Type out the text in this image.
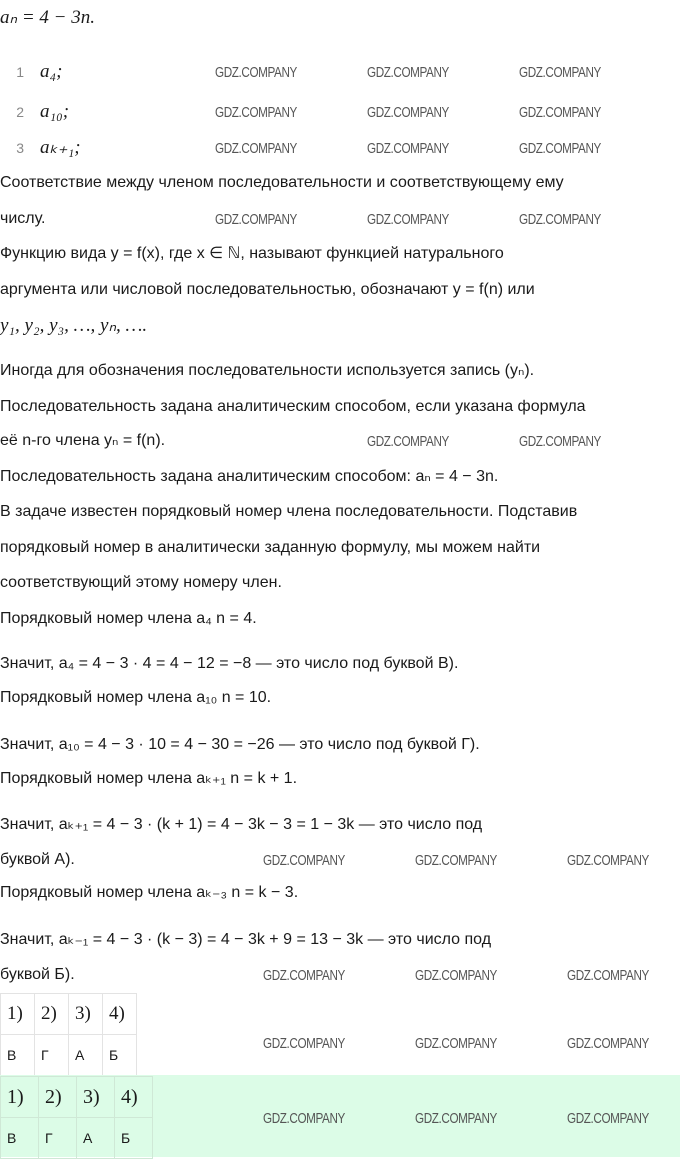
aₙ = 4 − 3n.
1 a₄;
2 a₁₀;
3 aₖ₊₁;
Соответствие между членом последовательности и соответствующему ему
числу.
Функцию вида y = f(x), где x ∈ ℕ, называют функцией натурального
аргумента или числовой последовательностью, обозначают y = f(n) или
y₁, y₂, y₃, …, yₙ, ….
Иногда для обозначения последовательности используется запись (yₙ).
Последовательность задана аналитическим способом, если указана формула
её n-го члена yₙ = f(n).
Последовательность задана аналитическим способом: aₙ = 4 − 3n.
В задаче известен порядковый номер члена последовательности. Подставив
порядковый номер в аналитически заданную формулу, мы можем найти
соответствующий этому номеру член.
Порядковый номер члена a₄ n = 4.
Значит, a₄ = 4 − 3 · 4 = 4 − 12 = −8 — это число под буквой В).
Порядковый номер члена a₁₀ n = 10.
Значит, a₁₀ = 4 − 3 · 10 = 4 − 30 = −26 — это число под буквой Г).
Порядковый номер члена aₖ₊₁ n = k + 1.
Значит, aₖ₊₁ = 4 − 3 · (k + 1) = 4 − 3k − 3 = 1 − 3k — это число под
буквой А).
Порядковый номер члена aₖ₋₃ n = k − 3.
Значит, aₖ₋₁ = 4 − 3 · (k − 3) = 4 − 3k + 9 = 13 − 3k — это число под
буквой Б).
1)	2)	3)	4)
В	Г	А	Б
1)	2)	3)	4)
В	Г	А	Б
GDZ.COMPANY	GDZ.COMPANY	GDZ.COMPANY
GDZ.COMPANY	GDZ.COMPANY	GDZ.COMPANY
GDZ.COMPANY	GDZ.COMPANY	GDZ.COMPANY
GDZ.COMPANY	GDZ.COMPANY	GDZ.COMPANY
GDZ.COMPANY	GDZ.COMPANY
GDZ.COMPANY	GDZ.COMPANY	GDZ.COMPANY
GDZ.COMPANY	GDZ.COMPANY	GDZ.COMPANY
GDZ.COMPANY	GDZ.COMPANY	GDZ.COMPANY
GDZ.COMPANY	GDZ.COMPANY	GDZ.COMPANY
